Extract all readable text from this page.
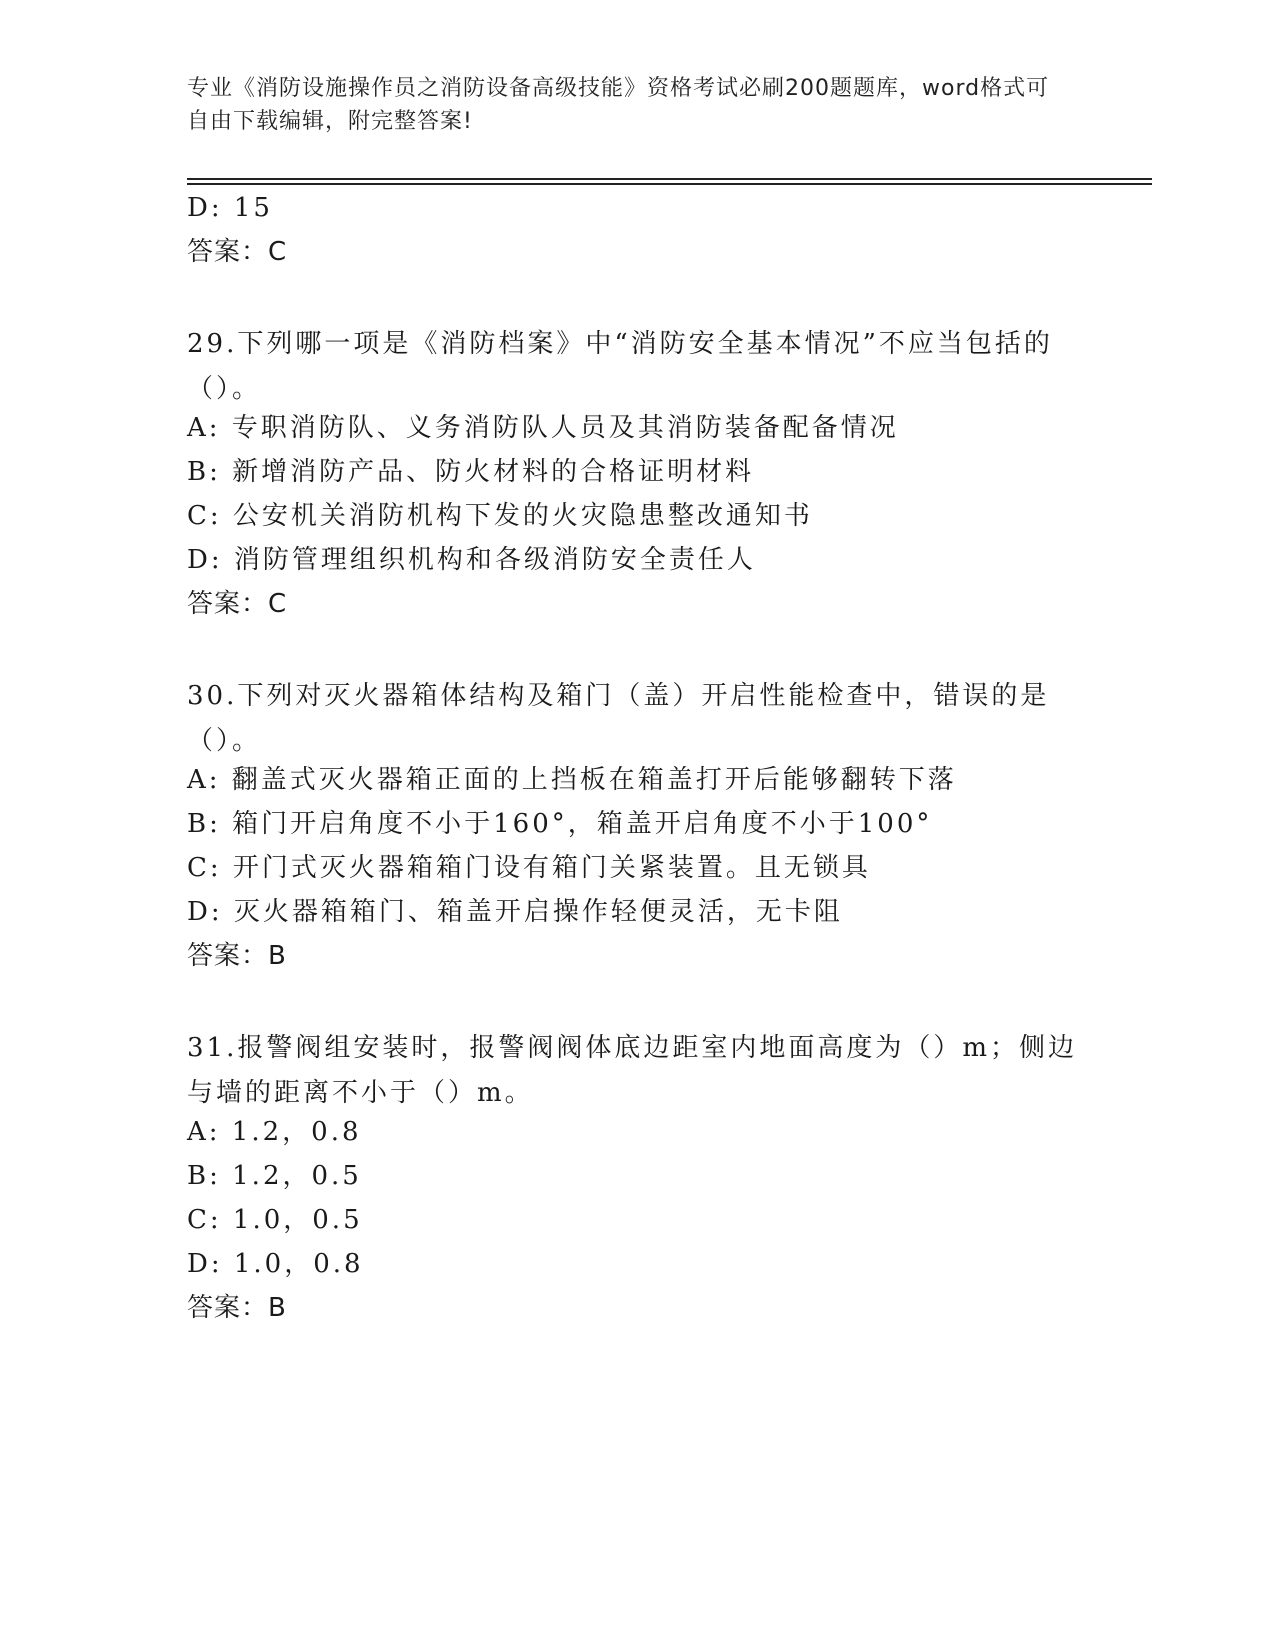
专业《消防设施操作员之消防设备高级技能》资格考试必刷200题题库，word格式可自由下载编辑，附完整答案!
D: 15
答案：C
29.下列哪一项是《消防档案》中“消防安全基本情况”不应当包括的（）。
A: 专职消防队、义务消防队人员及其消防装备配备情况
B: 新增消防产品、防火材料的合格证明材料
C: 公安机关消防机构下发的火灾隐患整改通知书
D: 消防管理组织机构和各级消防安全责任人
答案：C
30.下列对灭火器箱体结构及箱门（盖）开启性能检查中，错误的是（）。
A: 翻盖式灭火器箱正面的上挡板在箱盖打开后能够翻转下落
B: 箱门开启角度不小于160°，箱盖开启角度不小于100°
C: 开门式灭火器箱箱门设有箱门关紧装置。且无锁具
D: 灭火器箱箱门、箱盖开启操作轻便灵活，无卡阻
答案：B
31.报警阀组安装时，报警阀阀体底边距室内地面高度为（）m；侧边与墙的距离不小于（）m。
A: 1.2，0.8
B: 1.2，0.5
C: 1.0，0.5
D: 1.0，0.8
答案：B
